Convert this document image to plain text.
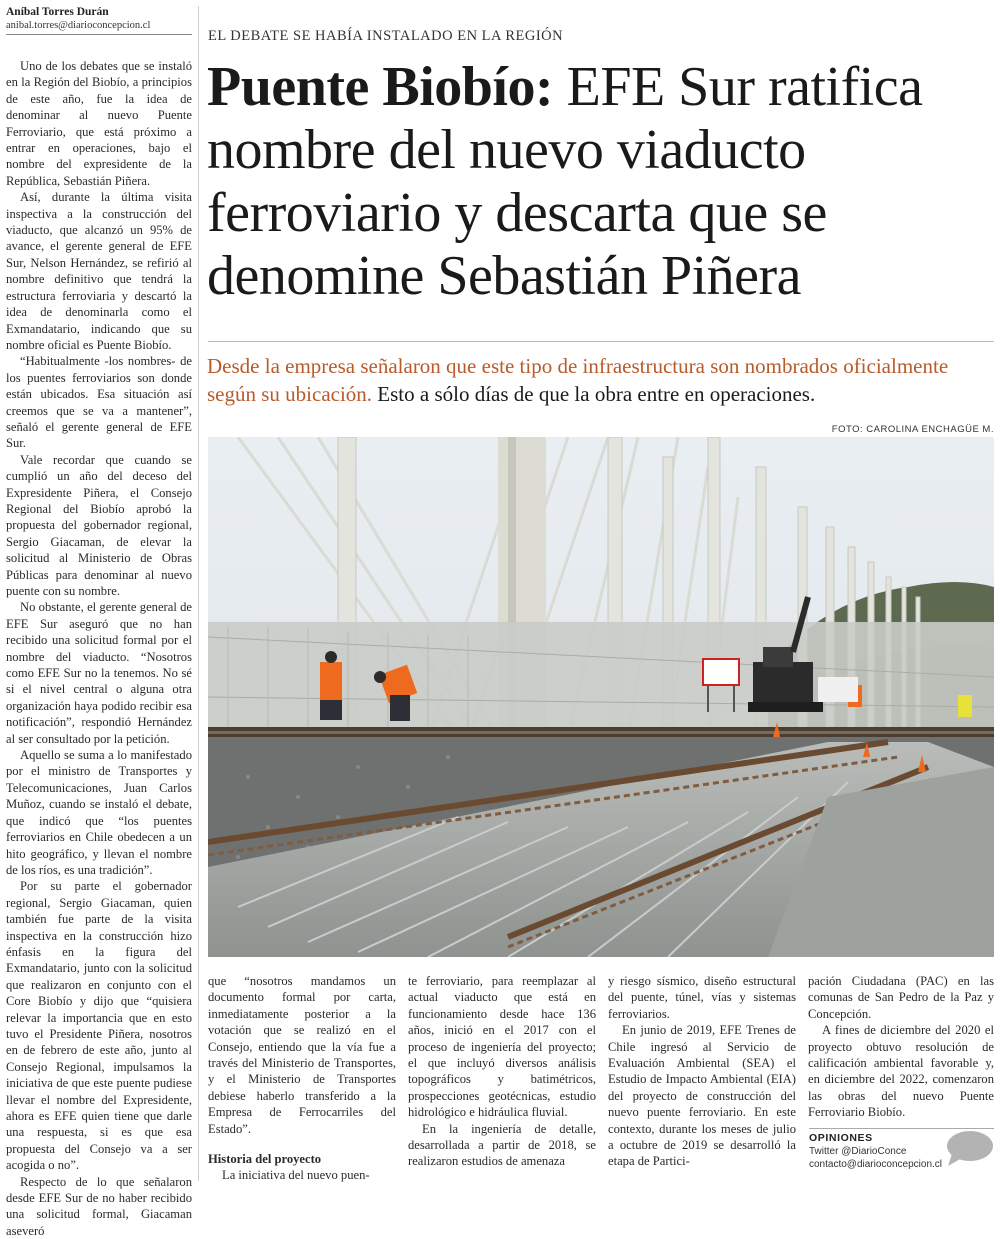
Aníbal Torres Durán
anibal.torres@diarioconcepcion.cl
EL DEBATE SE HABÍA INSTALADO EN LA REGIÓN
Puente Biobío: EFE Sur ratifica nombre del nuevo viaducto ferroviario y descarta que se denomine Sebastián Piñera
Desde la empresa señalaron que este tipo de infraestructura son nombrados oficialmente según su ubicación. Esto a sólo días de que la obra entre en operaciones.
FOTO: CAROLINA ENCHAGÜE M.

Uno de los debates que se instaló en la Región del Biobío, a principios de este año, fue la idea de denominar al nuevo Puente Ferroviario, que está próximo a entrar en operaciones, bajo el nombre del expresidente de la República, Sebastián Piñera.

Así, durante la última visita inspectiva a la construcción del viaducto, que alcanzó un 95% de avance, el gerente general de EFE Sur, Nelson Hernández, se refirió al nombre definitivo que tendrá la estructura ferroviaria y descartó la idea de denominarla como el Exmandatario, indicando que su nombre oficial es Puente Biobío.

“Habitualmente -los nombres- de los puentes ferroviarios son donde están ubicados. Esa situación así creemos que se va a mantener”, señaló el gerente general de EFE Sur.

Vale recordar que cuando se cumplió un año del deceso del Expresidente Piñera, el Consejo Regional del Biobío aprobó la propuesta del gobernador regional, Sergio Giacaman, de elevar la solicitud al Ministerio de Obras Públicas para denominar al nuevo puente con su nombre.

No obstante, el gerente general de EFE Sur aseguró que no han recibido una solicitud formal por el nombre del viaducto. “Nosotros como EFE Sur no la tenemos. No sé si el nivel central o alguna otra organización haya podido recibir esa notificación”, respondió Hernández al ser consultado por la petición.

Aquello se suma a lo manifestado por el ministro de Transportes y Telecomunicaciones, Juan Carlos Muñoz, cuando se instaló el debate, que indicó que “los puentes ferroviarios en Chile obedecen a un hito geográfico, y llevan el nombre de los ríos, es una tradición”.

Por su parte el gobernador regional, Sergio Giacaman, quien también fue parte de la visita inspectiva en la construcción hizo énfasis en la figura del Exmandatario, junto con la solicitud que realizaron en conjunto con el Core Biobío y dijo que “quisiera relevar la importancia que en esto tuvo el Presidente Piñera, nosotros en de febrero de este año, junto al Consejo Regional, impulsamos la iniciativa de que este puente pudiese llevar el nombre del Expresidente, ahora es EFE quien tiene que darle una respuesta, si es que esa propuesta del Consejo va a ser acogida o no”.

Respecto de lo que señalaron desde EFE Sur de no haber recibido una solicitud formal, Giacaman aseveró

que “nosotros mandamos un documento formal por carta, inmediatamente posterior a la votación que se realizó en el Consejo, entiendo que la vía fue a través del Ministerio de Transportes, y el Ministerio de Transportes debiese haberlo transferido a la Empresa de Ferrocarriles del Estado”.

Historia del proyecto

La iniciativa del nuevo puen-

te ferroviario, para reemplazar al actual viaducto que está en funcionamiento desde hace 136 años, inició en el 2017 con el proceso de ingeniería del proyecto; el que incluyó diversos análisis topográficos y batimétricos, prospecciones geotécnicas, estudio hidrológico e hidráulica fluvial.

En la ingeniería de detalle, desarrollada a partir de 2018, se realizaron estudios de amenaza

y riesgo sísmico, diseño estructural del puente, túnel, vías y sistemas ferroviarios.

En junio de 2019, EFE Trenes de Chile ingresó al Servicio de Evaluación Ambiental (SEA) el Estudio de Impacto Ambiental (EIA) del proyecto de construcción del nuevo puente ferroviario. En este contexto, durante los meses de julio a octubre de 2019 se desarrolló la etapa de Partici-

pación Ciudadana (PAC) en las comunas de San Pedro de la Paz y Concepción.

A fines de diciembre del 2020 el proyecto obtuvo resolución de calificación ambiental favorable y, en diciembre del 2022, comenzaron las obras del nuevo Puente Ferroviario Biobío.

OPINIONES
Twitter @DiarioConce
contacto@diarioconcepcion.cl
